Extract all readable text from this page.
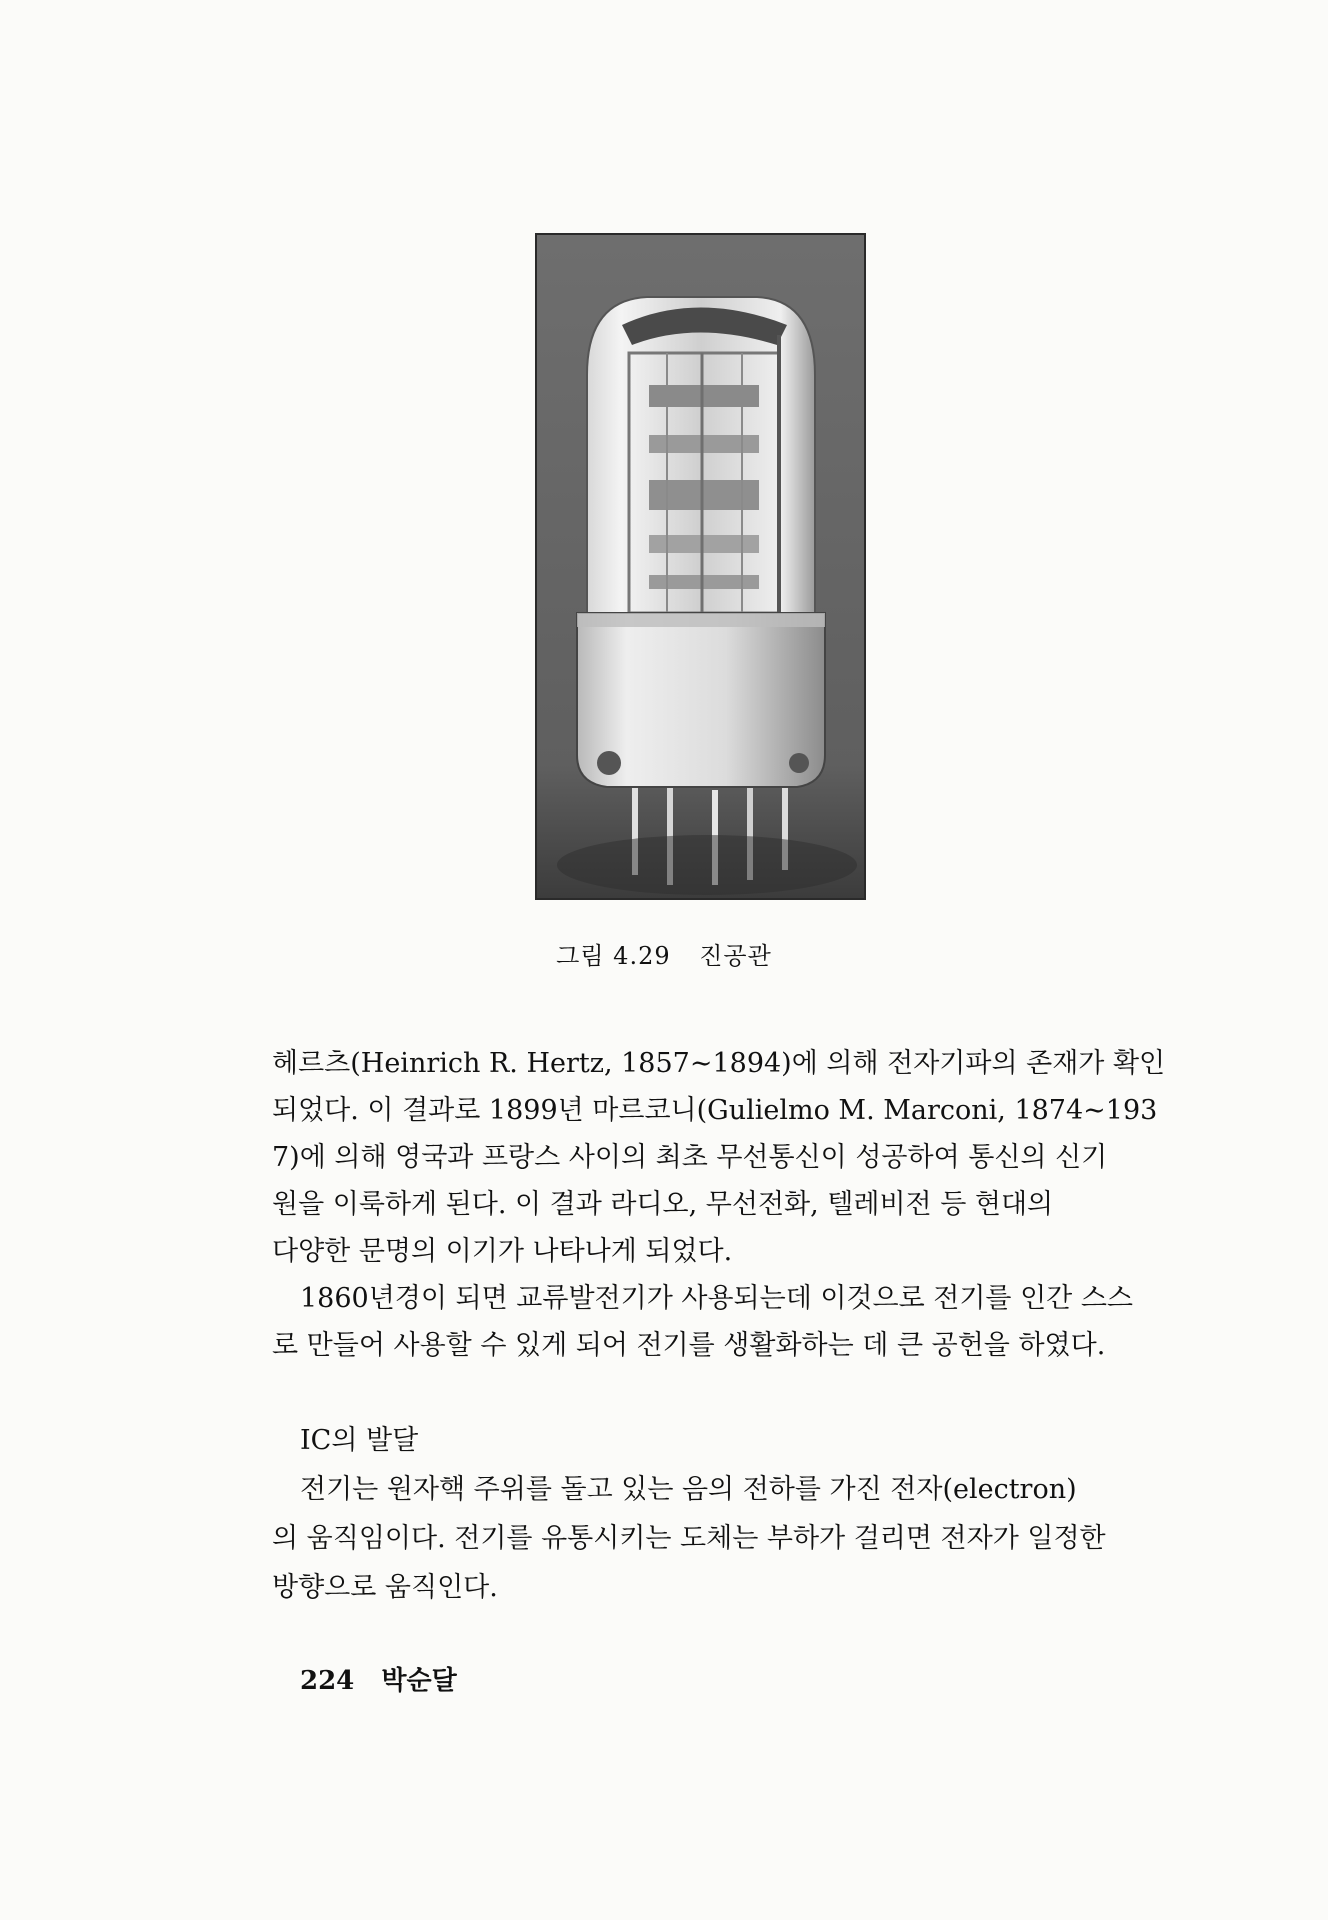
그림 4.29 진공관

헤르츠(Heinrich R. Hertz, 1857∼1894)에 의해 전자기파의 존재가 확인
되었다. 이 결과로 1899년 마르코니(Gulielmo M. Marconi, 1874∼193
7)에 의해 영국과 프랑스 사이의 최초 무선통신이 성공하여 통신의 신기
원을 이룩하게 된다. 이 결과 라디오, 무선전화, 텔레비전 등 현대의
다양한 문명의 이기가 나타나게 되었다.

1860년경이 되면 교류발전기가 사용되는데 이것으로 전기를 인간 스스
로 만들어 사용할 수 있게 되어 전기를 생활화하는 데 큰 공헌을 하였다.

IC의 발달
전기는 원자핵 주위를 돌고 있는 음의 전하를 가진 전자(electron)
의 움직임이다. 전기를 유통시키는 도체는 부하가 걸리면 전자가 일정한
방향으로 움직인다.
224 박순달
